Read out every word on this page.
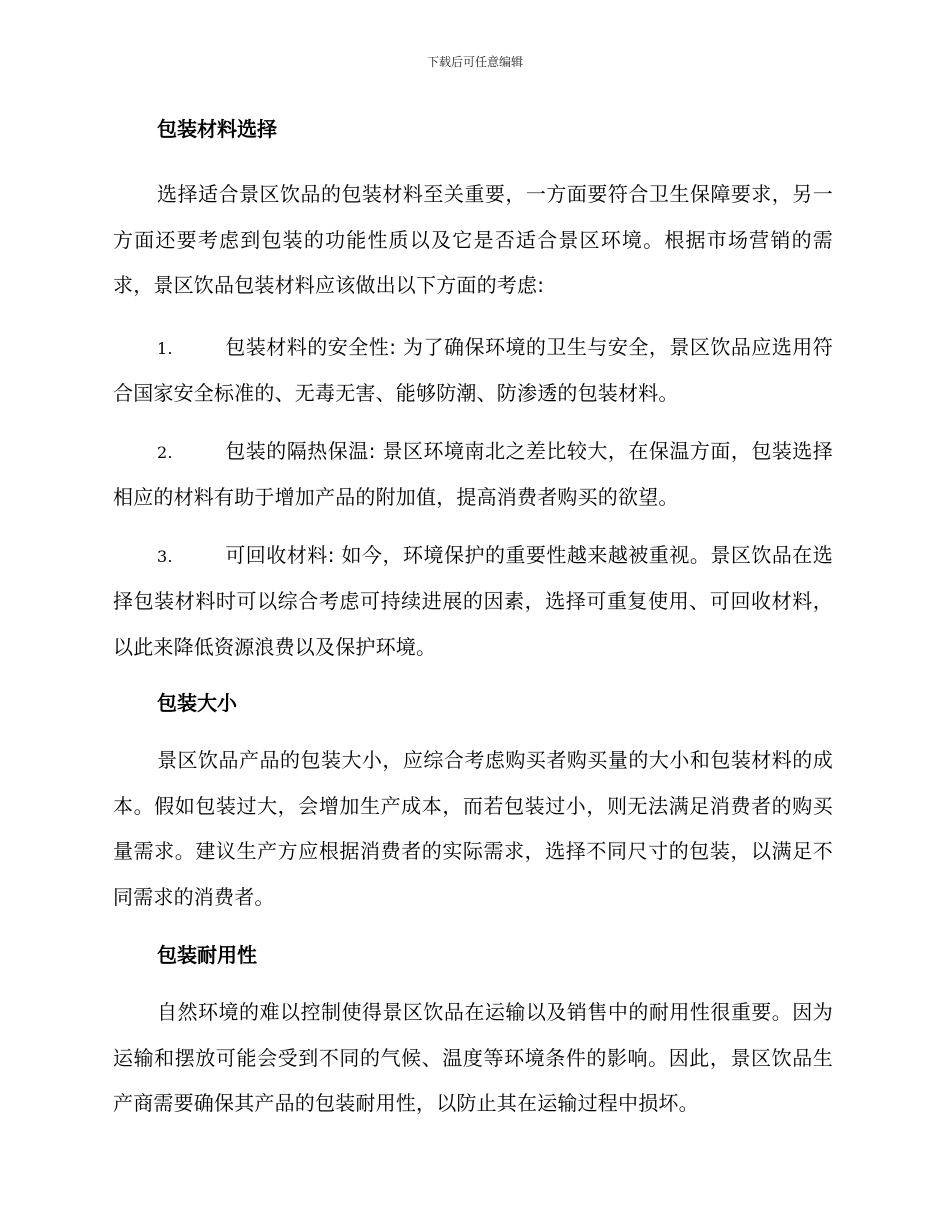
下载后可任意编辑
包装材料选择

选择适合景区饮品的包装材料至关重要，一方面要符合卫生保障要求，另一方面还要考虑到包装的功能性质以及它是否适合景区环境。根据市场营销的需求，景区饮品包装材料应该做出以下方面的考虑:

1.	包装材料的安全性: 为了确保环境的卫生与安全，景区饮品应选用符合国家安全标准的、无毒无害、能够防潮、防渗透的包装材料。

2.	包装的隔热保温: 景区环境南北之差比较大，在保温方面，包装选择相应的材料有助于增加产品的附加值，提高消费者购买的欲望。

3.	可回收材料: 如今，环境保护的重要性越来越被重视。景区饮品在选择包装材料时可以综合考虑可持续进展的因素，选择可重复使用、可回收材料，以此来降低资源浪费以及保护环境。

包装大小

景区饮品产品的包装大小，应综合考虑购买者购买量的大小和包装材料的成本。假如包装过大，会增加生产成本，而若包装过小，则无法满足消费者的购买量需求。建议生产方应根据消费者的实际需求，选择不同尺寸的包装，以满足不同需求的消费者。

包装耐用性

自然环境的难以控制使得景区饮品在运输以及销售中的耐用性很重要。因为运输和摆放可能会受到不同的气候、温度等环境条件的影响。因此，景区饮品生产商需要确保其产品的包装耐用性，以防止其在运输过程中损坏。
